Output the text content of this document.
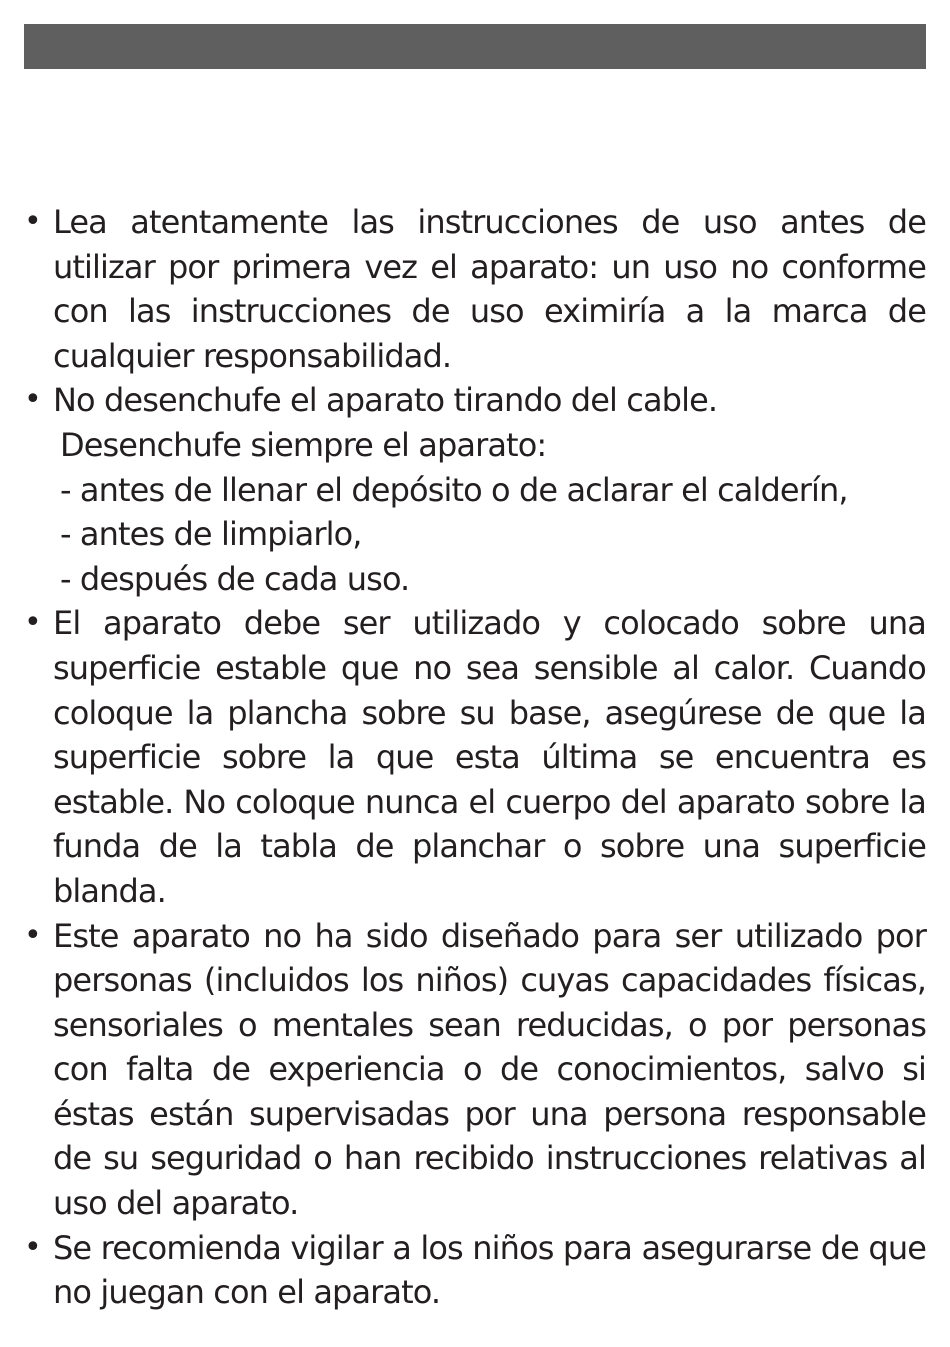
• Lea atentamente las instrucciones de uso antes de utilizar por primera vez el aparato: un uso no conforme con las instrucciones de uso eximiría a la marca de cualquier responsabilidad.
• No desenchufe el aparato tirando del cable.
Desenchufe siempre el aparato:
- antes de llenar el depósito o de aclarar el calderín,
- antes de limpiarlo,
- después de cada uso.
• El aparato debe ser utilizado y colocado sobre una superficie estable que no sea sensible al calor. Cuando coloque la plancha sobre su base, asegúrese de que la superficie sobre la que esta última se encuentra es estable. No coloque nunca el cuerpo del aparato sobre la funda de la tabla de planchar o sobre una superficie blanda.
• Este aparato no ha sido diseñado para ser utilizado por personas (incluidos los niños) cuyas capacidades físicas, sensoriales o mentales sean reducidas, o por personas con falta de experiencia o de conocimientos, salvo si éstas están supervisadas por una persona responsable de su seguridad o han recibido instrucciones relativas al uso del aparato.
• Se recomienda vigilar a los niños para asegurarse de que no juegan con el aparato.
